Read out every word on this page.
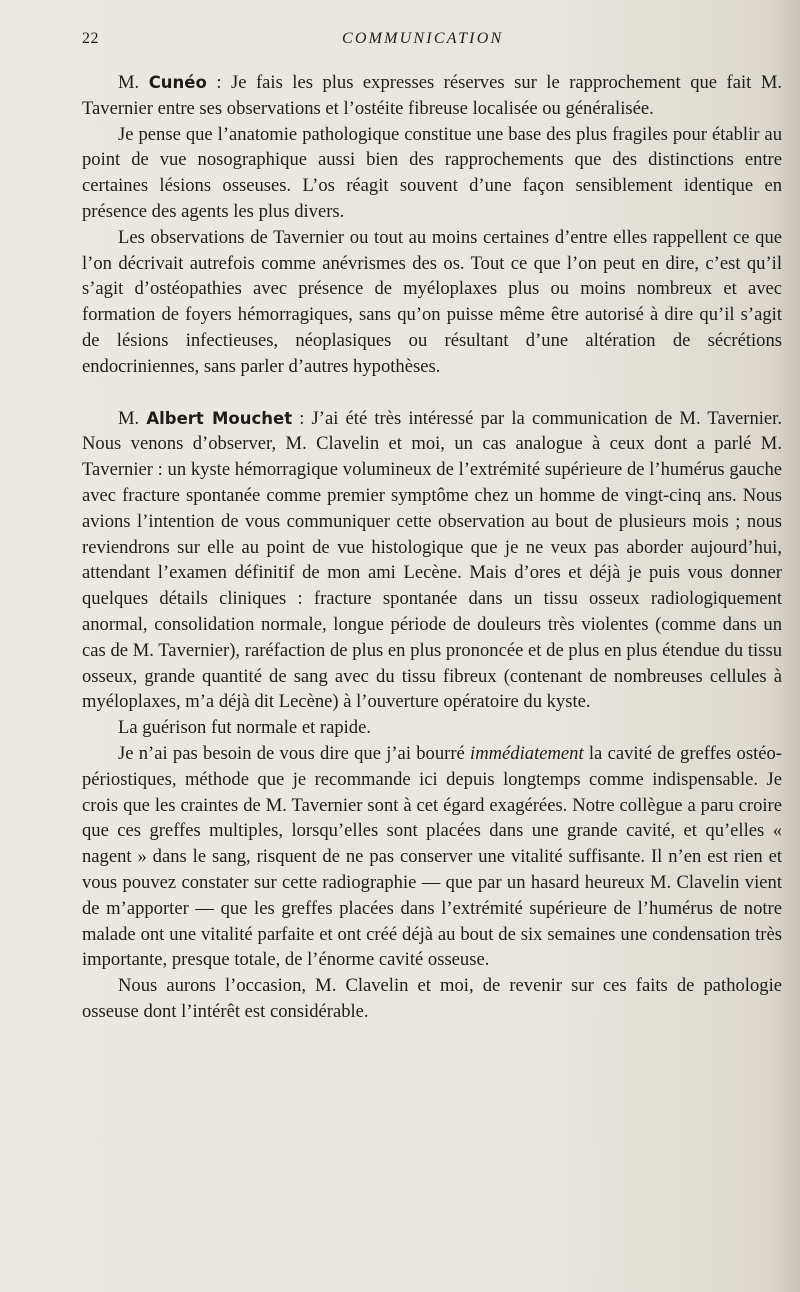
22	COMMUNICATION

M. Cunéo : Je fais les plus expresses réserves sur le rapprochement que fait M. Tavernier entre ses observations et l’ostéite fibreuse localisée ou généralisée.

Je pense que l’anatomie pathologique constitue une base des plus fragiles pour établir au point de vue nosographique aussi bien des rapprochements que des distinctions entre certaines lésions osseuses. L’os réagit souvent d’une façon sensiblement identique en présence des agents les plus divers.

Les observations de Tavernier ou tout au moins certaines d’entre elles rappellent ce que l’on décrivait autrefois comme anévrismes des os. Tout ce que l’on peut en dire, c’est qu’il s’agit d’ostéopathies avec présence de myéloplaxes plus ou moins nombreux et avec formation de foyers hémorragiques, sans qu’on puisse même être autorisé à dire qu’il s’agit de lésions infectieuses, néoplasiques ou résultant d’une altération de sécrétions endocriniennes, sans parler d’autres hypothèses.

M. Albert Mouchet : J’ai été très intéressé par la communication de M. Tavernier. Nous venons d’observer, M. Clavelin et moi, un cas analogue à ceux dont a parlé M. Tavernier : un kyste hémorragique volumineux de l’extrémité supérieure de l’humérus gauche avec fracture spontanée comme premier symptôme chez un homme de vingt-cinq ans. Nous avions l’intention de vous communiquer cette observation au bout de plusieurs mois ; nous reviendrons sur elle au point de vue histologique que je ne veux pas aborder aujourd’hui, attendant l’examen définitif de mon ami Lecène. Mais d’ores et déjà je puis vous donner quelques détails cliniques : fracture spontanée dans un tissu osseux radiologiquement anormal, consolidation normale, longue période de douleurs très violentes (comme dans un cas de M. Tavernier), raréfaction de plus en plus prononcée et de plus en plus étendue du tissu osseux, grande quantité de sang avec du tissu fibreux (contenant de nombreuses cellules à myéloplaxes, m’a déjà dit Lecène) à l’ouverture opératoire du kyste.

La guérison fut normale et rapide.

Je n’ai pas besoin de vous dire que j’ai bourré immédiatement la cavité de greffes ostéo-périostiques, méthode que je recommande ici depuis longtemps comme indispensable. Je crois que les craintes de M. Tavernier sont à cet égard exagérées. Notre collègue a paru croire que ces greffes multiples, lorsqu’elles sont placées dans une grande cavité, et qu’elles « nagent » dans le sang, risquent de ne pas conserver une vitalité suffisante. Il n’en est rien et vous pouvez constater sur cette radiographie — que par un hasard heureux M. Clavelin vient de m’apporter — que les greffes placées dans l’extrémité supérieure de l’humérus de notre malade ont une vitalité parfaite et ont créé déjà au bout de six semaines une condensation très importante, presque totale, de l’énorme cavité osseuse.

Nous aurons l’occasion, M. Clavelin et moi, de revenir sur ces faits de pathologie osseuse dont l’intérêt est considérable.
